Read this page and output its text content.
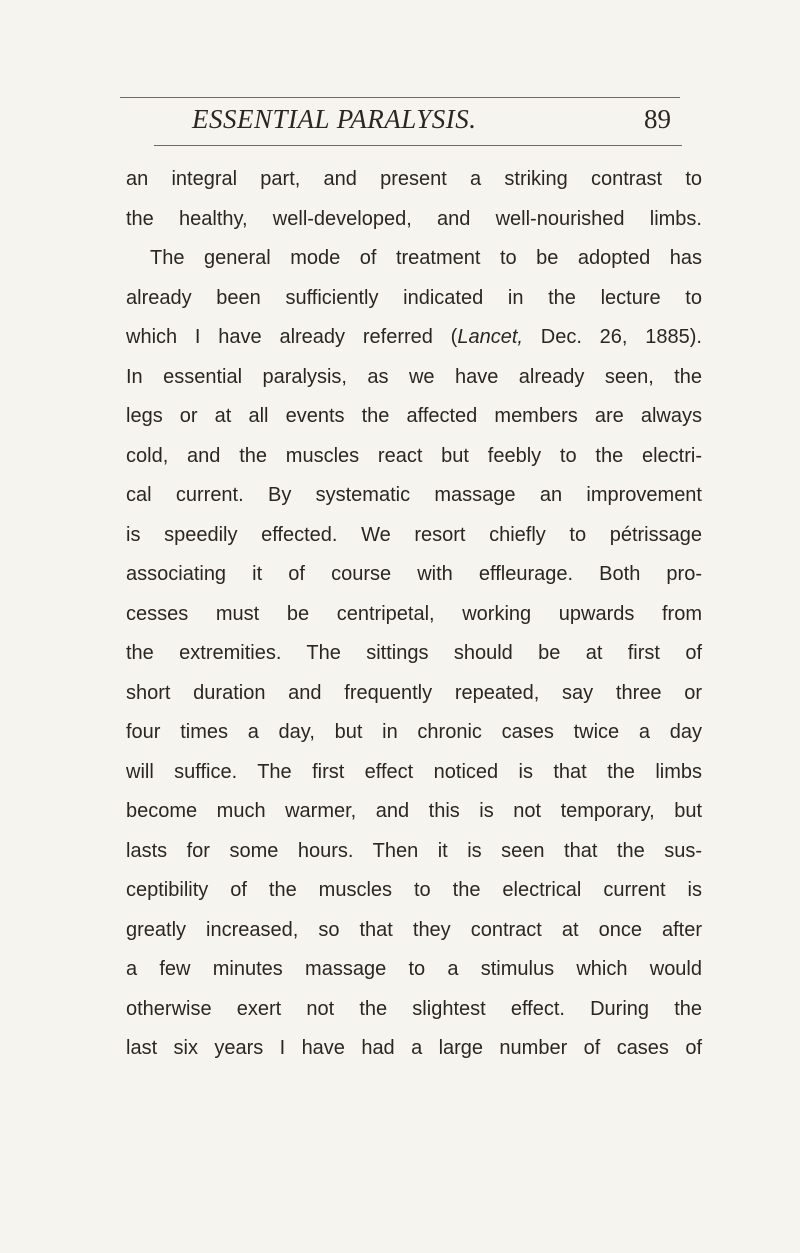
ESSENTIAL PARALYSIS.	89
an integral part, and present a striking contrast to
the healthy, well-developed, and well-nourished limbs.
The general mode of treatment to be adopted has
already been sufficiently indicated in the lecture to
which I have already referred (Lancet, Dec. 26, 1885).
In essential paralysis, as we have already seen, the
legs or at all events the affected members are always
cold, and the muscles react but feebly to the electri-
cal current. By systematic massage an improvement
is speedily effected. We resort chiefly to pétrissage
associating it of course with effleurage. Both pro-
cesses must be centripetal, working upwards from
the extremities. The sittings should be at first of
short duration and frequently repeated, say three or
four times a day, but in chronic cases twice a day
will suffice. The first effect noticed is that the limbs
become much warmer, and this is not temporary, but
lasts for some hours. Then it is seen that the sus-
ceptibility of the muscles to the electrical current is
greatly increased, so that they contract at once after
a few minutes massage to a stimulus which would
otherwise exert not the slightest effect. During the
last six years I have had a large number of cases of
